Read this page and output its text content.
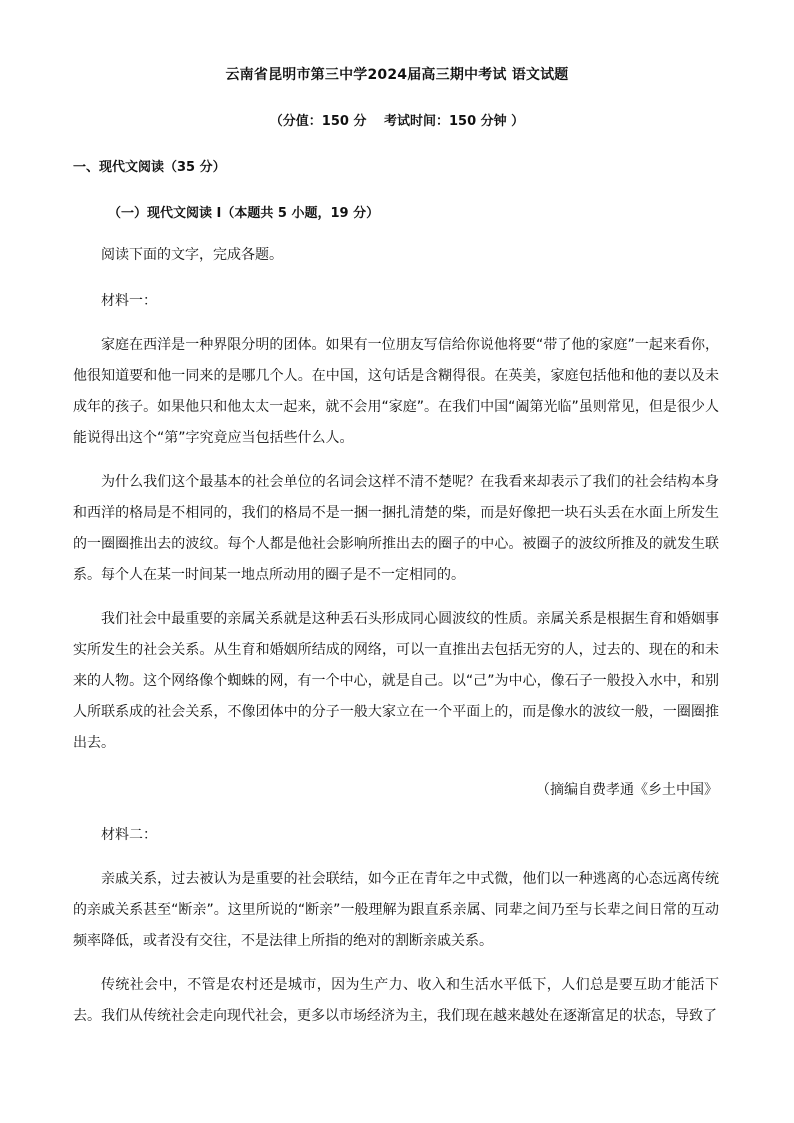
云南省昆明市第三中学2024届高三期中考试 语文试题
（分值：150 分　 考试时间：150 分钟 ）
一、现代文阅读（35 分）
（一）现代文阅读 I（本题共 5 小题，19 分）
阅读下面的文字，完成各题。
材料一：
家庭在西洋是一种界限分明的团体。如果有一位朋友写信给你说他将要“带了他的家庭”一起来看你，他很知道要和他一同来的是哪几个人。在中国，这句话是含糊得很。在英美，家庭包括他和他的妻以及未成年的孩子。如果他只和他太太一起来，就不会用“家庭”。在我们中国“阖第光临”虽则常见，但是很少人能说得出这个“第”字究竟应当包括些什么人。
为什么我们这个最基本的社会单位的名词会这样不清不楚呢？在我看来却表示了我们的社会结构本身和西洋的格局是不相同的，我们的格局不是一捆一捆扎清楚的柴，而是好像把一块石头丢在水面上所发生的一圈圈推出去的波纹。每个人都是他社会影响所推出去的圈子的中心。被圈子的波纹所推及的就发生联系。每个人在某一时间某一地点所动用的圈子是不一定相同的。
我们社会中最重要的亲属关系就是这种丢石头形成同心圆波纹的性质。亲属关系是根据生育和婚姻事实所发生的社会关系。从生育和婚姻所结成的网络，可以一直推出去包括无穷的人，过去的、现在的和未来的人物。这个网络像个蜘蛛的网，有一个中心，就是自己。以“己”为中心，像石子一般投入水中，和别人所联系成的社会关系，不像团体中的分子一般大家立在一个平面上的，而是像水的波纹一般，一圈圈推出去。
（摘编自费孝通《乡土中国》
材料二：
亲戚关系，过去被认为是重要的社会联结，如今正在青年之中式微，他们以一种逃离的心态远离传统的亲戚关系甚至“断亲”。这里所说的“断亲”一般理解为跟直系亲属、同辈之间乃至与长辈之间日常的互动频率降低，或者没有交往，不是法律上所指的绝对的割断亲戚关系。
传统社会中，不管是农村还是城市，因为生产力、收入和生活水平低下，人们总是要互助才能活下去。我们从传统社会走向现代社会，更多以市场经济为主，我们现在越来越处在逐渐富足的状态，导致了
